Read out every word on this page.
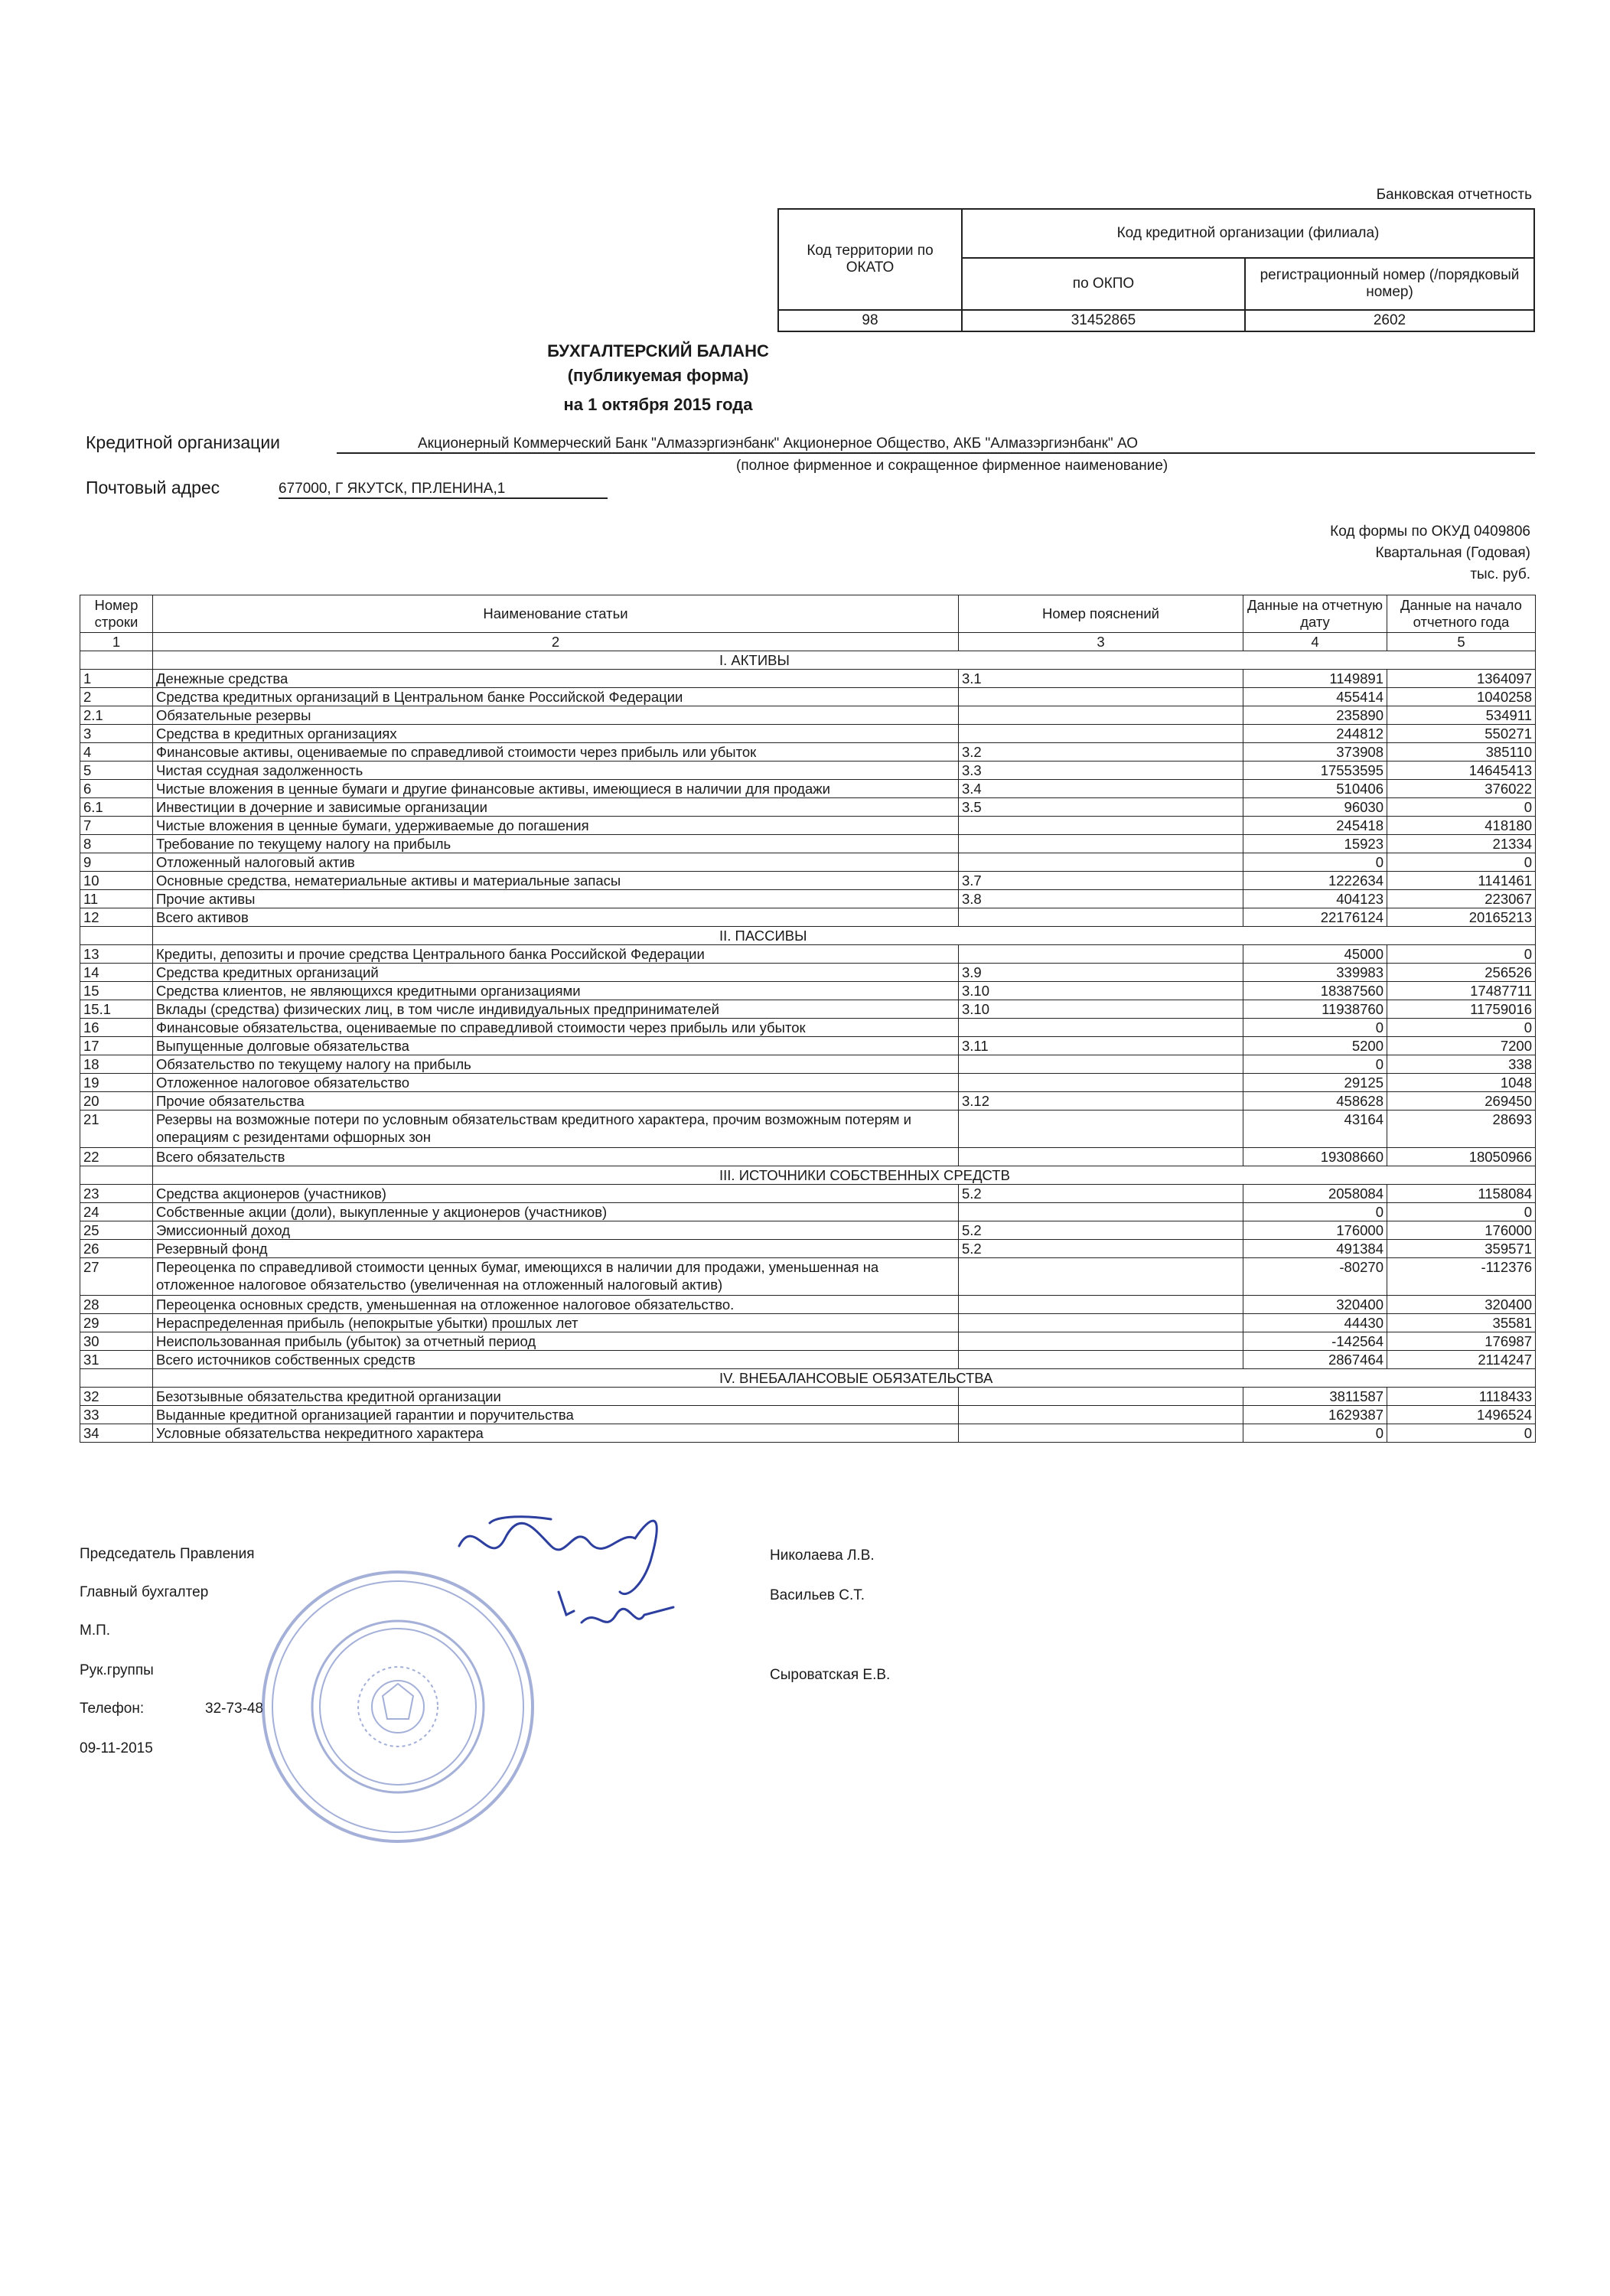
Банковская отчетность
Код территории по ОКАТО	Код кредитной организации (филиала)	
	по ОКПО	регистрационный номер (/порядковый номер)
98	31452865	2602
БУХГАЛТЕРСКИЙ БАЛАНС
(публикуемая форма)
на 1 октября 2015 года
Кредитной организации	Акционерный Коммерческий Банк "Алмазэргиэнбанк" Акционерное Общество, АКБ "Алмазэргиэнбанк" АО
(полное фирменное и сокращенное фирменное наименование)
Почтовый адрес	677000, Г ЯКУТСК, ПР.ЛЕНИНА,1
Код формы по ОКУД 0409806
Квартальная (Годовая)
тыс. руб.
Номер строки	Наименование статьи	Номер пояснений	Данные на отчетную дату	Данные на начало отчетного года
1	2	3	4	5
	I. АКТИВЫ			
1	Денежные средства	3.1	1149891	1364097
2	Средства кредитных организаций в Центральном банке Российской Федерации		455414	1040258
2.1	Обязательные резервы		235890	534911
3	Средства в кредитных организациях		244812	550271
4	Финансовые активы, оцениваемые по справедливой стоимости через прибыль или убыток	3.2	373908	385110
5	Чистая ссудная задолженность	3.3	17553595	14645413
6	Чистые вложения в ценные бумаги и другие финансовые активы, имеющиеся в наличии для продажи	3.4	510406	376022
6.1	Инвестиции в дочерние и зависимые организации	3.5	96030	0
7	Чистые вложения в ценные бумаги, удерживаемые до погашения		245418	418180
8	Требование по текущему налогу на прибыль		15923	21334
9	Отложенный налоговый актив		0	0
10	Основные средства, нематериальные активы и материальные запасы	3.7	1222634	1141461
11	Прочие активы	3.8	404123	223067
12	Всего активов		22176124	20165213
	II. ПАССИВЫ			
13	Кредиты, депозиты и прочие средства Центрального банка Российской Федерации		45000	0
14	Средства кредитных организаций	3.9	339983	256526
15	Средства клиентов, не являющихся кредитными организациями	3.10	18387560	17487711
15.1	Вклады (средства) физических лиц, в том числе индивидуальных предпринимателей	3.10	11938760	11759016
16	Финансовые обязательства, оцениваемые по справедливой стоимости через прибыль или убыток		0	0
17	Выпущенные долговые обязательства	3.11	5200	7200
18	Обязательство по текущему налогу на прибыль		0	338
19	Отложенное налоговое обязательство		29125	1048
20	Прочие обязательства	3.12	458628	269450
21	Резервы на возможные потери по условным обязательствам кредитного характера, прочим возможным потерям и операциям с резидентами офшорных зон		43164	28693
22	Всего обязательств		19308660	18050966
	III. ИСТОЧНИКИ СОБСТВЕННЫХ СРЕДСТВ			
23	Средства акционеров (участников)	5.2	2058084	1158084
24	Собственные акции (доли), выкупленные у акционеров (участников)		0	0
25	Эмиссионный доход	5.2	176000	176000
26	Резервный фонд	5.2	491384	359571
27	Переоценка по справедливой стоимости ценных бумаг, имеющихся в наличии для продажи, уменьшенная на отложенное налоговое обязательство (увеличенная на отложенный налоговый актив)		-80270	-112376
28	Переоценка основных средств, уменьшенная на отложенное налоговое обязательство.		320400	320400
29	Нераспределенная прибыль (непокрытые убытки) прошлых лет		44430	35581
30	Неиспользованная прибыль (убыток) за отчетный период		-142564	176987
31	Всего источников собственных средств		2867464	2114247
	IV. ВНЕБАЛАНСОВЫЕ ОБЯЗАТЕЛЬСТВА			
32	Безотзывные обязательства кредитной организации		3811587	1118433
33	Выданные кредитной организацией гарантии и поручительства		1629387	1496524
34	Условные обязательства некредитного характера		0	0
Председатель Правления	Николаева Л.В.
Главный бухгалтер	Васильев С.Т.
М.П.
Рук.группы	Сыроватская Е.В.
Телефон:	32-73-48
09-11-2015
